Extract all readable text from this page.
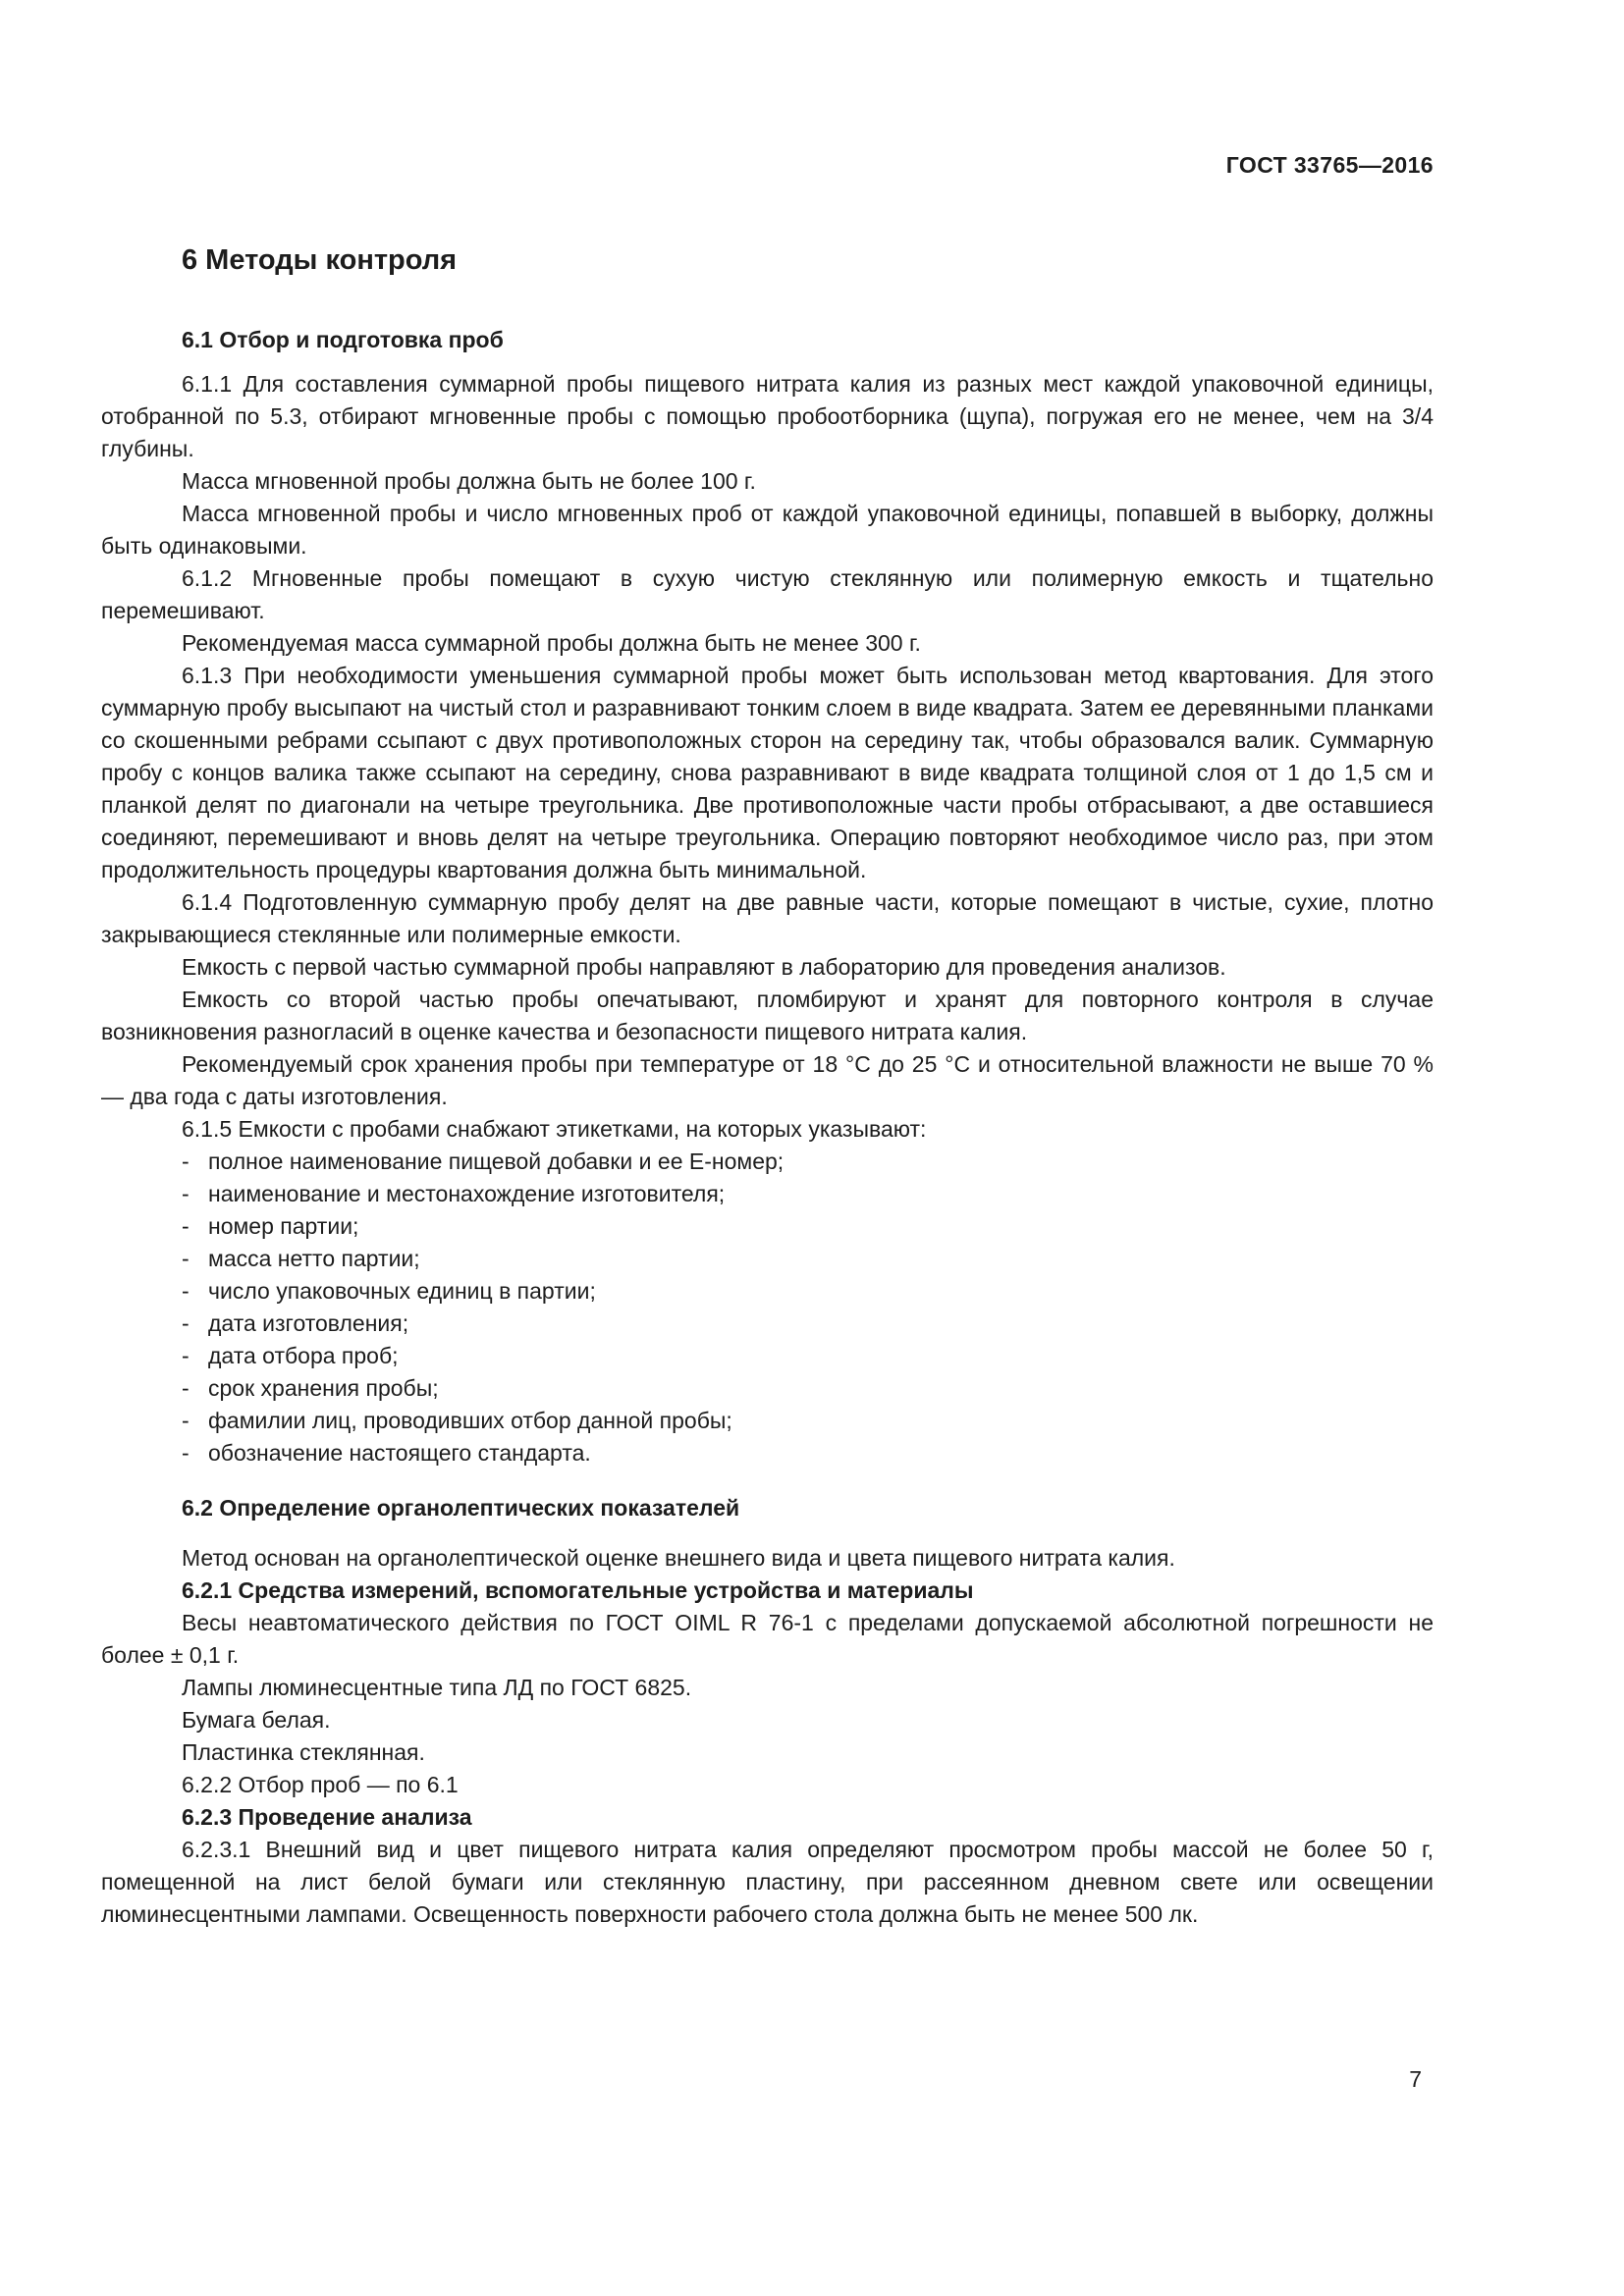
ГОСТ 33765—2016
6 Методы контроля
6.1 Отбор и подготовка проб

6.1.1 Для составления суммарной пробы пищевого нитрата калия из разных мест каждой упаковочной единицы, отобранной по 5.3, отбирают мгновенные пробы с помощью пробоотборника (щупа), погружая его не менее, чем на 3/4 глубины.

Масса мгновенной пробы должна быть не более 100 г.

Масса мгновенной пробы и число мгновенных проб от каждой упаковочной единицы, попавшей в выборку, должны быть одинаковыми.

6.1.2 Мгновенные пробы помещают в сухую чистую стеклянную или полимерную емкость и тщательно перемешивают.

Рекомендуемая масса суммарной пробы должна быть не менее 300 г.

6.1.3 При необходимости уменьшения суммарной пробы может быть использован метод квартования. Для этого суммарную пробу высыпают на чистый стол и разравнивают тонким слоем в виде квадрата. Затем ее деревянными планками со скошенными ребрами ссыпают с двух противоположных сторон на середину так, чтобы образовался валик. Суммарную пробу с концов валика также ссыпают на середину, снова разравнивают в виде квадрата толщиной слоя от 1 до 1,5 см и планкой делят по диагонали на четыре треугольника. Две противоположные части пробы отбрасывают, а две оставшиеся соединяют, перемешивают и вновь делят на четыре треугольника. Операцию повторяют необходимое число раз, при этом продолжительность процедуры квартования должна быть минимальной.

6.1.4 Подготовленную суммарную пробу делят на две равные части, которые помещают в чистые, сухие, плотно закрывающиеся стеклянные или полимерные емкости.

Емкость с первой частью суммарной пробы направляют в лабораторию для проведения анализов.

Емкость со второй частью пробы опечатывают, пломбируют и хранят для повторного контроля в случае возникновения разногласий в оценке качества и безопасности пищевого нитрата калия.

Рекомендуемый срок хранения пробы при температуре от 18 °С до 25 °С и относительной влажности не выше 70 % — два года с даты изготовления.

6.1.5 Емкости с пробами снабжают этикетками, на которых указывают:

- полное наименование пищевой добавки и ее Е-номер;
- наименование и местонахождение изготовителя;
- номер партии;
- масса нетто партии;
- число упаковочных единиц в партии;
- дата изготовления;
- дата отбора проб;
- срок хранения пробы;
- фамилии лиц, проводивших отбор данной пробы;
- обозначение настоящего стандарта.
6.2 Определение органолептических показателей

Метод основан на органолептической оценке внешнего вида и цвета пищевого нитрата калия.

6.2.1 Средства измерений, вспомогательные устройства и материалы

Весы неавтоматического действия по ГОСТ OIML R 76-1 с пределами допускаемой абсолютной погрешности не более ± 0,1 г.

Лампы люминесцентные типа ЛД по ГОСТ 6825.

Бумага белая.

Пластинка стеклянная.

6.2.2 Отбор проб — по 6.1

6.2.3 Проведение анализа

6.2.3.1 Внешний вид и цвет пищевого нитрата калия определяют просмотром пробы массой не более 50 г, помещенной на лист белой бумаги или стеклянную пластину, при рассеянном дневном свете или освещении люминесцентными лампами. Освещенность поверхности рабочего стола должна быть не менее 500 лк.

7
